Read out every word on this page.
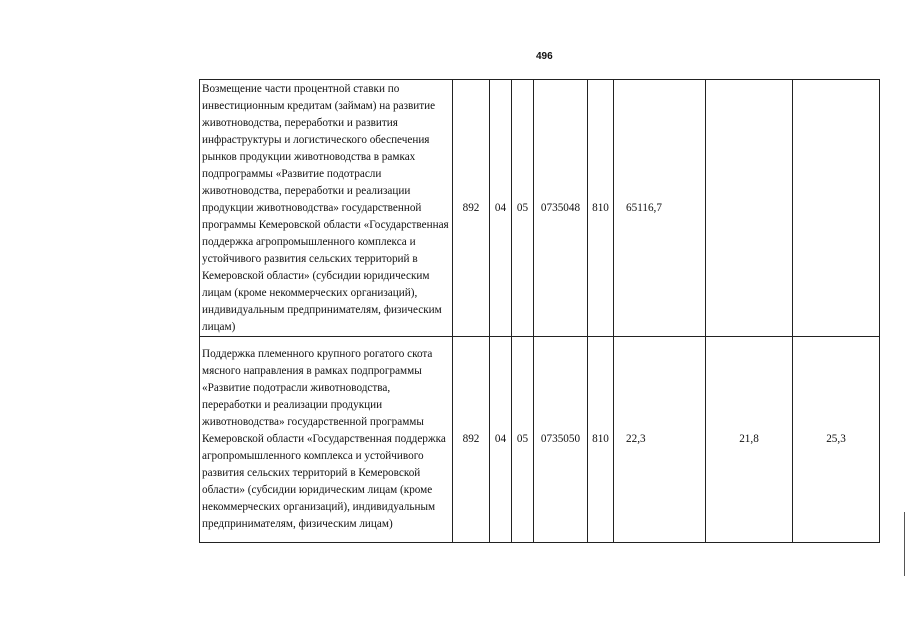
496
Возмещение части процентной ставки по инвестиционным кредитам (займам) на развитие животноводства, переработки и развития инфраструктуры и логистического обеспечения рынков продукции животноводства в рамках подпрограммы «Развитие подотрасли животноводства, переработки и реализации продукции животноводства» государственной программы Кемеровской области «Государственная поддержка агропромышленного комплекса и устойчивого развития сельских территорий в Кемеровской области» (субсидии юридическим лицам (кроме некоммерческих организаций), индивидуальным предпринимателям, физическим лицам)	892	04	05	0735048	810	65116,7		
Поддержка племенного крупного рогатого скота мясного направления в рамках подпрограммы «Развитие подотрасли животноводства, переработки и реализации продукции животноводства» государственной программы Кемеровской области «Государственная поддержка агропромышленного комплекса и устойчивого развития сельских территорий в Кемеровской области» (субсидии юридическим лицам (кроме некоммерческих организаций), индивидуальным предпринимателям, физическим лицам)	892	04	05	0735050	810	22,3	21,8	25,3
